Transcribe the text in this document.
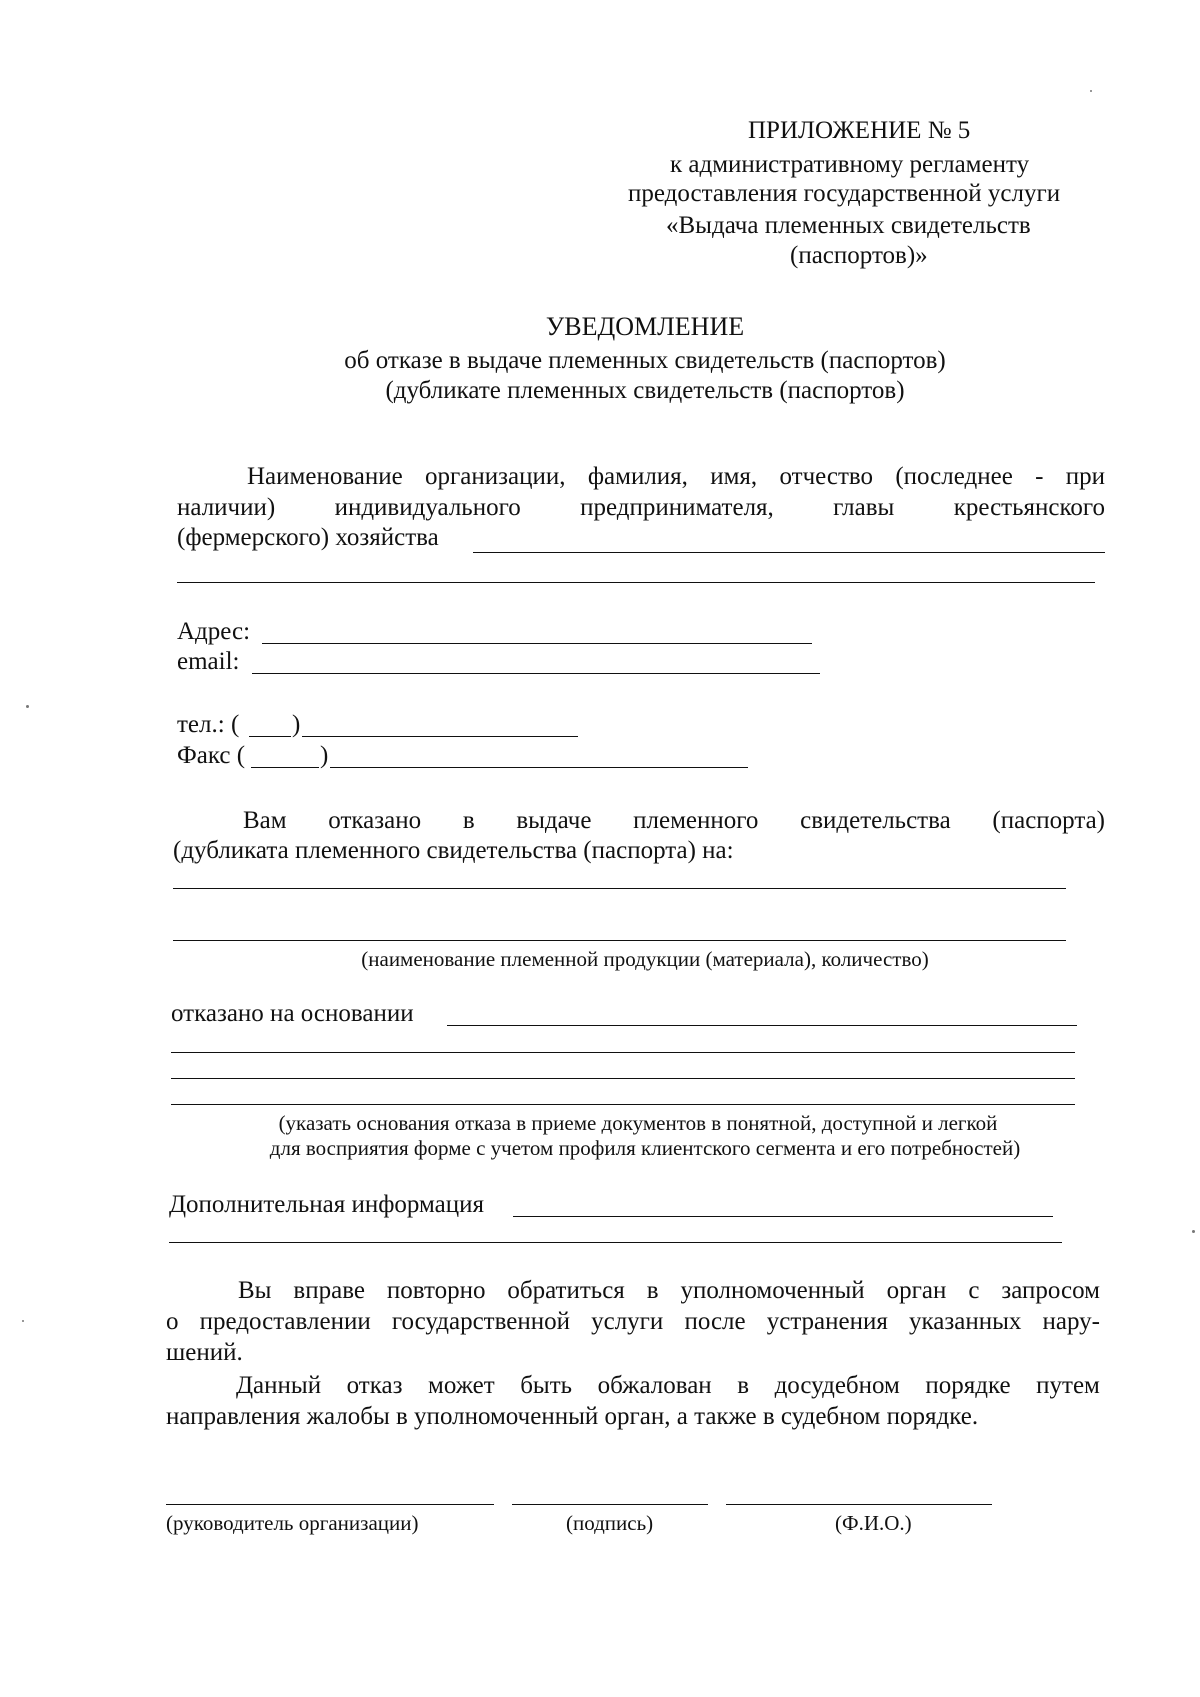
ПРИЛОЖЕНИЕ № 5
к административному регламенту
предоставления государственной услуги
«Выдача племенных свидетельств
(паспортов)»
УВЕДОМЛЕНИЕ
об отказе в выдаче племенных свидетельств (паспортов)
(дубликате племенных свидетельств (паспортов)
Наименование организации, фамилия, имя, отчество (последнее - при
наличии) индивидуального предпринимателя, главы крестьянского
(фермерского) хозяйства
Адрес:
email:
тел.: ( )
Факс (	)
Вам отказано в выдаче племенного свидетельства (паспорта)
(дубликата племенного свидетельства (паспорта) на:
(наименование племенной продукции (материала), количество)
отказано на основании
(указать основания отказа в приеме документов в понятной, доступной и легкой
для восприятия форме с учетом профиля клиентского сегмента и его потребностей)
Дополнительная информация
Вы вправе повторно обратиться в уполномоченный орган с запросом
о предоставлении государственной услуги после устранения указанных нару-
шений.
Данный отказ может быть обжалован в досудебном порядке путем
направления жалобы в уполномоченный орган, а также в судебном порядке.
(руководитель организации)	(подпись)	(Ф.И.О.)
